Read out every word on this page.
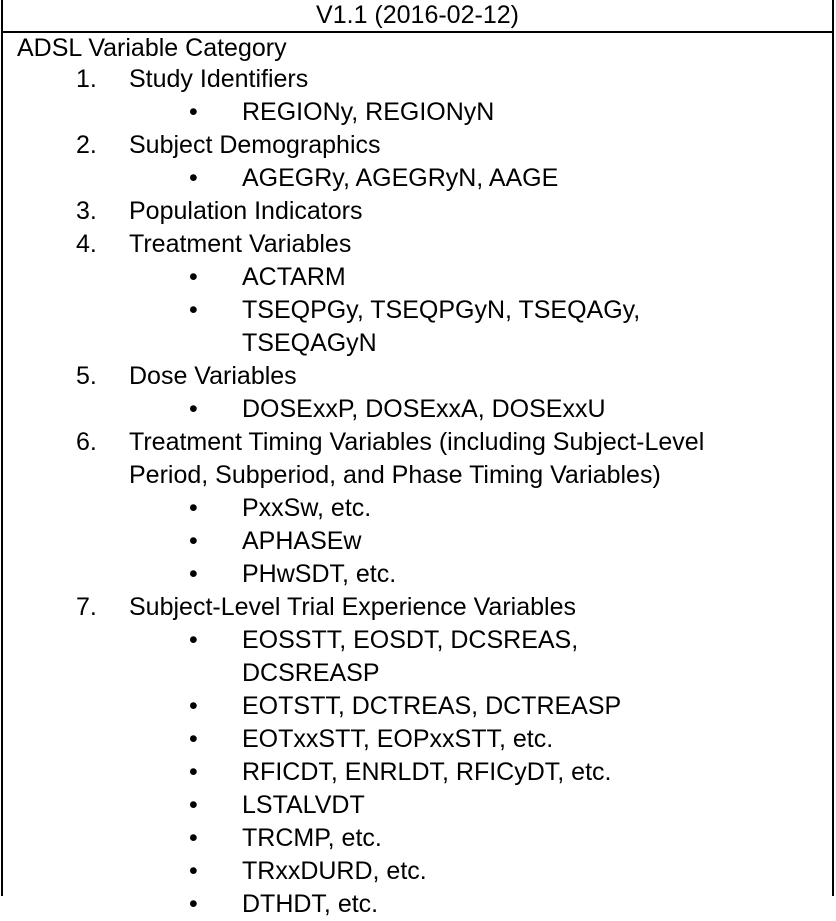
V1.1 (2016-02-12)
ADSL Variable Category
1. Study Identifiers
• REGIONy, REGIONyN
2. Subject Demographics
• AGEGRy, AGEGRyN, AAGE
3. Population Indicators
4. Treatment Variables
• ACTARM
• TSEQPGy, TSEQPGyN, TSEQAGy, TSEQAGyN
5. Dose Variables
• DOSExxP, DOSExxA, DOSExxU
6. Treatment Timing Variables (including Subject-Level Period, Subperiod, and Phase Timing Variables)
• PxxSw, etc.
• APHASEw
• PHwSDT, etc.
7. Subject-Level Trial Experience Variables
• EOSSTT, EOSDT, DCSREAS, DCSREASP
• EOTSTT, DCTREAS, DCTREASP
• EOTxxSTT, EOPxxSTT, etc.
• RFICDT, ENRLDT, RFICyDT, etc.
• LSTALVDT
• TRCMP, etc.
• TRxxDURD, etc.
• DTHDT, etc.
